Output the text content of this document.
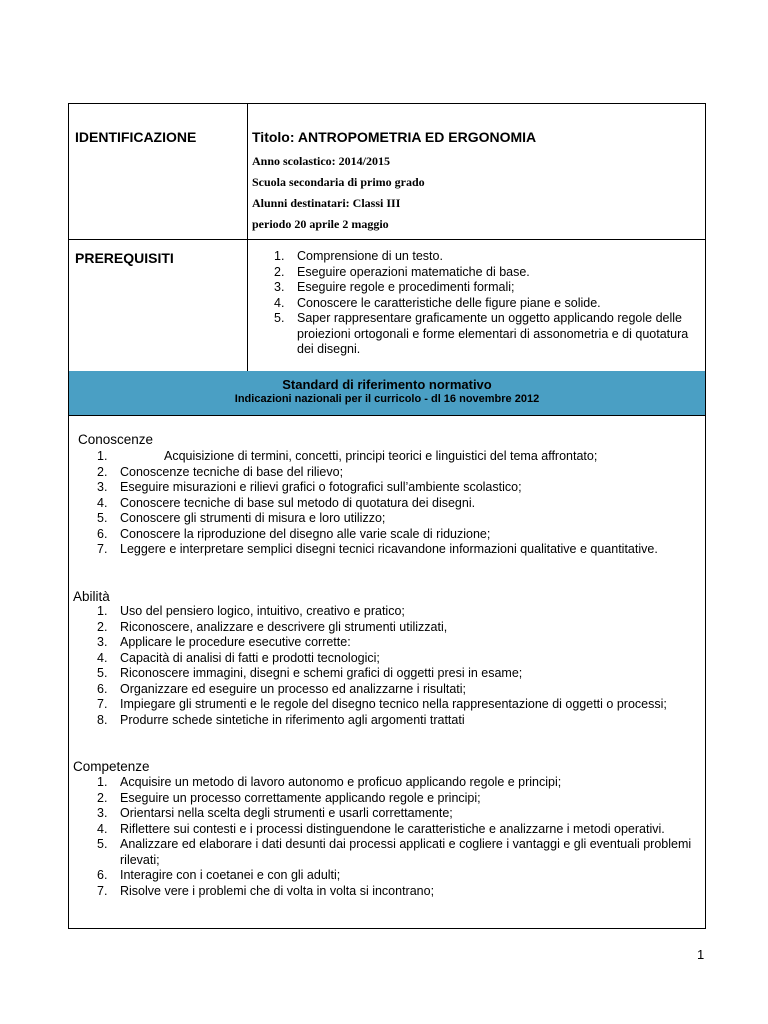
IDENTIFICAZIONE	Titolo: ANTROPOMETRIA ED ERGONOMIA
Anno scolastico: 2014/2015
Scuola secondaria di primo grado
Alunni destinatari: Classi III
periodo 20 aprile 2 maggio
PREREQUISITI	1. Comprensione di un testo.
2. Eseguire operazioni matematiche di base.
3. Eseguire regole e procedimenti formali;
4. Conoscere le caratteristiche delle figure piane e solide.
5. Saper rappresentare graficamente un oggetto applicando regole delle proiezioni ortogonali e forme elementari di assonometria e di quotatura dei disegni.
Standard di riferimento normativo
Indicazioni nazionali per il curricolo - dl 16 novembre 2012
Conoscenze
1.	Acquisizione di termini, concetti, principi teorici e linguistici del tema affrontato;
2. Conoscenze tecniche di base del rilievo;
3. Eseguire misurazioni e rilievi grafici o fotografici sull’ambiente scolastico;
4. Conoscere tecniche di base sul metodo di quotatura dei disegni.
5. Conoscere gli strumenti di misura e loro utilizzo;
6. Conoscere la riproduzione del disegno alle varie scale di riduzione;
7. Leggere e interpretare semplici disegni tecnici ricavandone informazioni qualitative e quantitative.
Abilità
1. Uso del pensiero logico, intuitivo, creativo e pratico;
2. Riconoscere, analizzare e descrivere gli strumenti utilizzati,
3. Applicare le procedure esecutive corrette:
4. Capacità di analisi di fatti e prodotti tecnologici;
5. Riconoscere immagini, disegni e schemi grafici di oggetti presi in esame;
6. Organizzare ed eseguire un processo ed analizzarne i risultati;
7. Impiegare gli strumenti e le regole del disegno tecnico nella rappresentazione di oggetti o processi;
8. Produrre schede sintetiche in riferimento agli argomenti trattati
Competenze
1. Acquisire un metodo di lavoro autonomo e proficuo applicando regole e principi;
2. Eseguire un processo correttamente applicando regole e principi;
3. Orientarsi nella scelta degli strumenti e usarli correttamente;
4. Riflettere sui contesti e i processi distinguendone le caratteristiche e analizzarne i metodi operativi.
5. Analizzare ed elaborare i dati desunti dai processi applicati e cogliere i vantaggi e gli eventuali problemi rilevati;
6. Interagire con i coetanei e con gli adulti;
7. Risolve vere i problemi che di volta in volta si incontrano;
1
